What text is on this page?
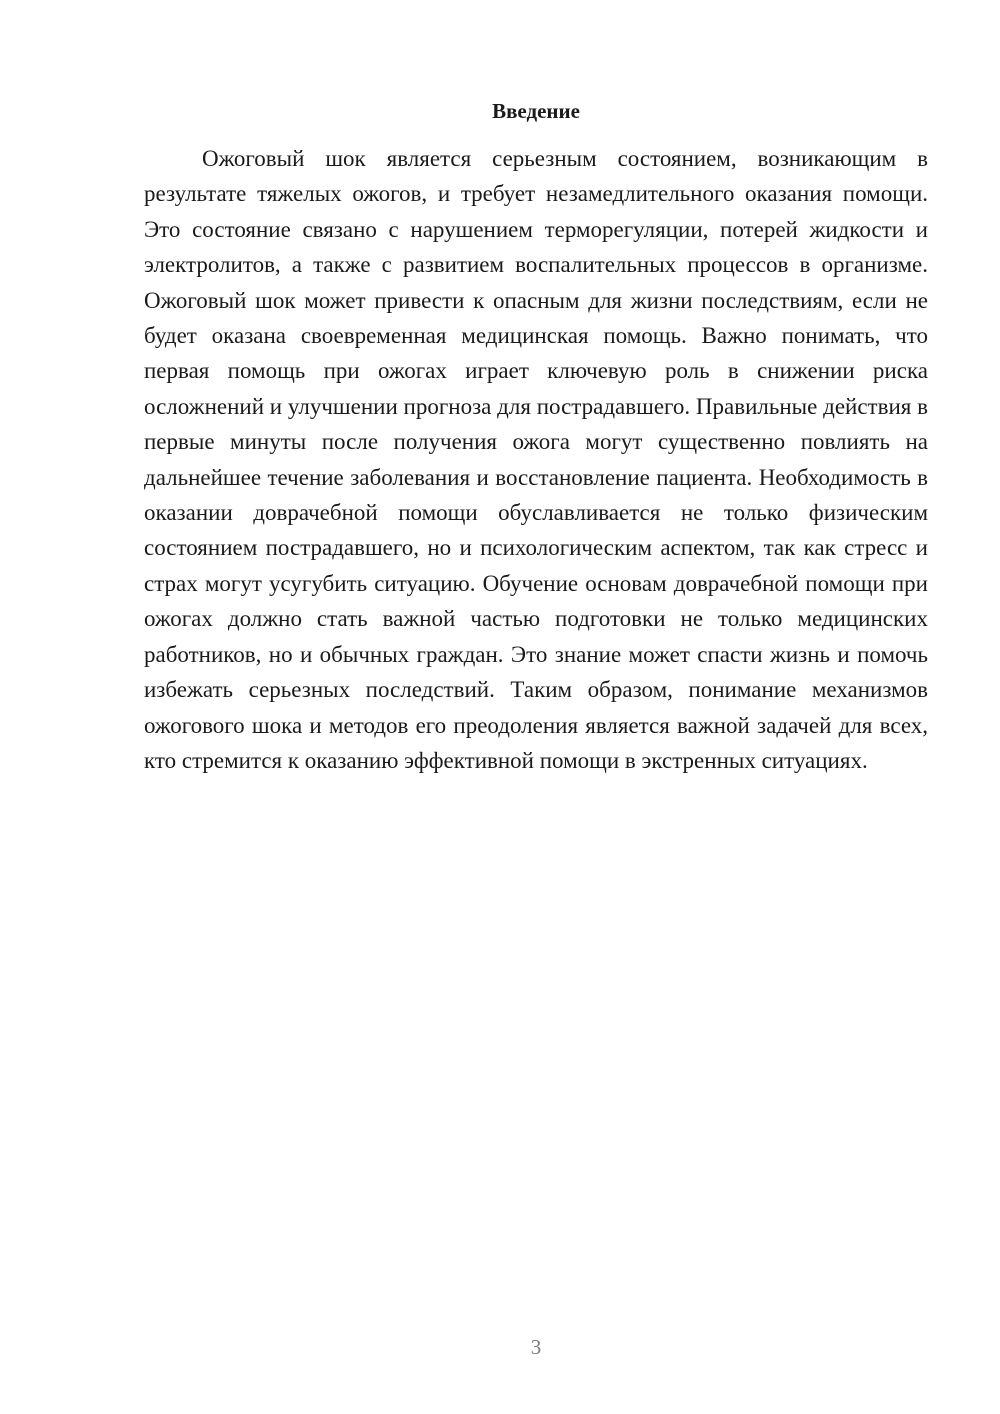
Введение

Ожоговый шок является серьезным состоянием, возникающим в результате тяжелых ожогов, и требует незамедлительного оказания помощи. Это состояние связано с нарушением терморегуляции, потерей жидкости и электролитов, а также с развитием воспалительных процессов в организме. Ожоговый шок может привести к опасным для жизни последствиям, если не будет оказана своевременная медицинская помощь. Важно понимать, что первая помощь при ожогах играет ключевую роль в снижении риска осложнений и улучшении прогноза для пострадавшего. Правильные действия в первые минуты после получения ожога могут существенно повлиять на дальнейшее течение заболевания и восстановление пациента. Необходимость в оказании доврачебной помощи обуславливается не только физическим состоянием пострадавшего, но и психологическим аспектом, так как стресс и страх могут усугубить ситуацию. Обучение основам доврачебной помощи при ожогах должно стать важной частью подготовки не только медицинских работников, но и обычных граждан. Это знание может спасти жизнь и помочь избежать серьезных последствий. Таким образом, понимание механизмов ожогового шока и методов его преодоления является важной задачей для всех, кто стремится к оказанию эффективной помощи в экстренных ситуациях.

3
